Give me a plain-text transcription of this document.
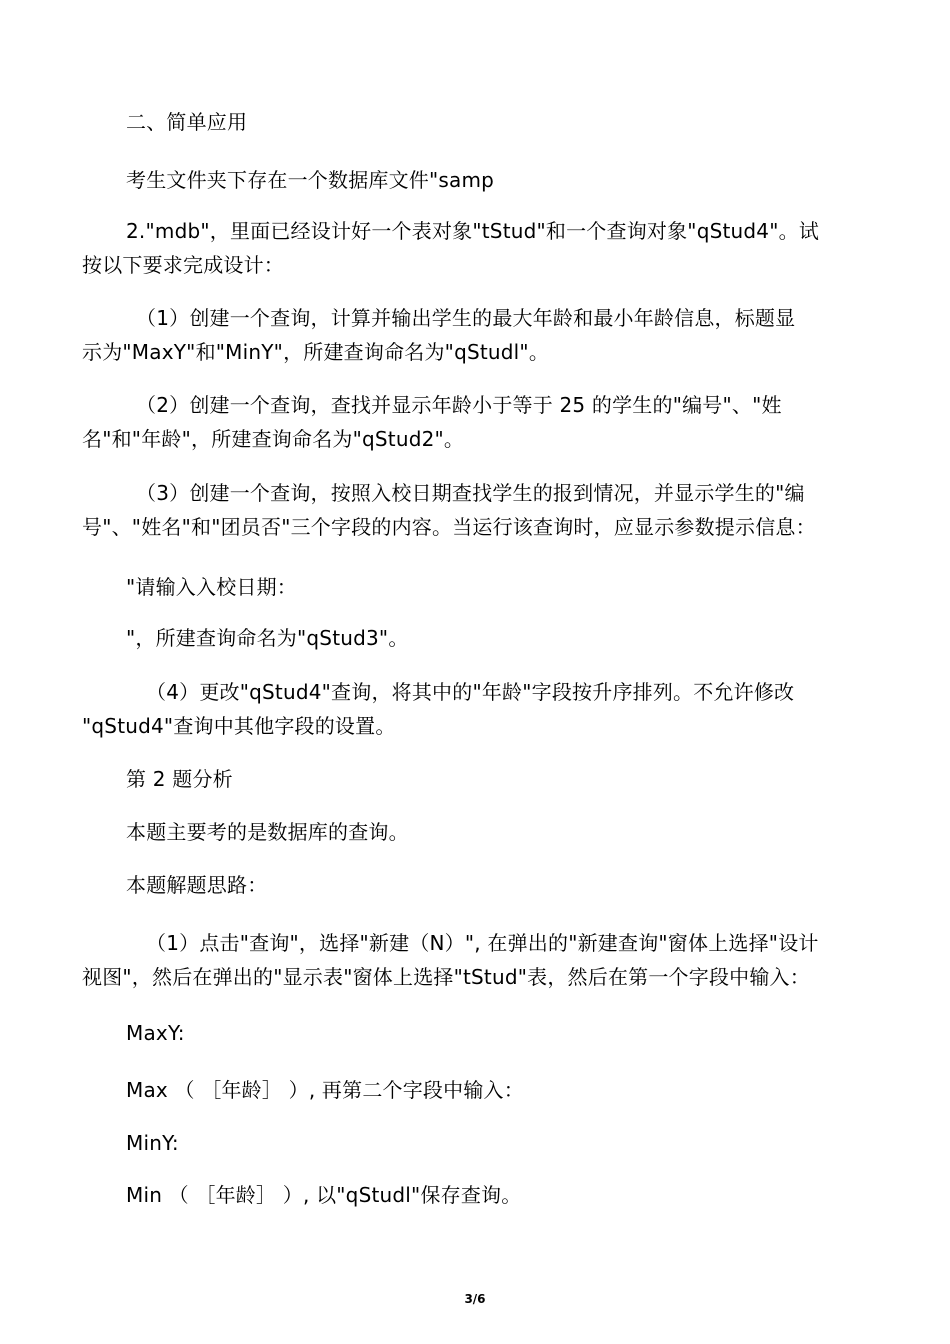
二、简单应用
考生文件夹下存在一个数据库文件"samp
2."mdb"，里面已经设计好一个表对象"tStud"和一个查询对象"qStud4"。试
按以下要求完成设计：
（1）创建一个查询，计算并输出学生的最大年龄和最小年龄信息，标题显
示为"MaxY"和"MinY"，所建查询命名为"qStudl"。
（2）创建一个查询，查找并显示年龄小于等于 25 的学生的"编号"、"姓
名"和"年龄"，所建查询命名为"qStud2"。
（3）创建一个查询，按照入校日期查找学生的报到情况，并显示学生的"编
号"、"姓名"和"团员否"三个字段的内容。当运行该查询时，应显示参数提示信息：
"请输入入校日期：
"，所建查询命名为"qStud3"。
（4）更改"qStud4"查询，将其中的"年龄"字段按升序排列。不允许修改
"qStud4"查询中其他字段的设置。
第 2 题分析
本题主要考的是数据库的查询。
本题解题思路：
（1）点击"查询"，选择"新建（N）", 在弹出的"新建查询"窗体上选择"设计
视图"，然后在弹出的"显示表"窗体上选择"tStud"表，然后在第一个字段中输入：
MaxY:
Max （ ［年龄］ ）, 再第二个字段中输入：
MinY:
Min （ ［年龄］ ）, 以"qStudl"保存查询。
3/6
